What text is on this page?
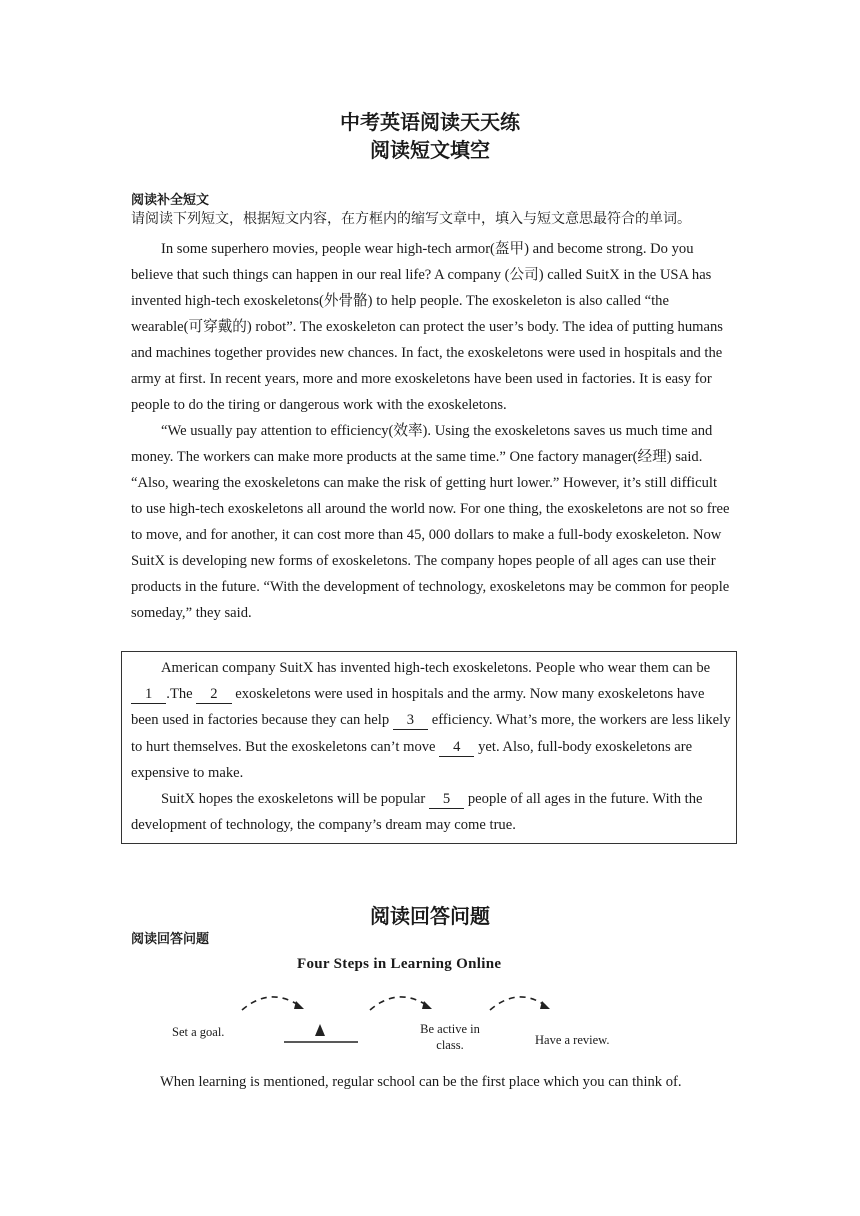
中考英语阅读天天练
阅读短文填空

阅读补全短文

请阅读下列短文，根据短文内容，在方框内的缩写文章中，填入与短文意思最符合的单词。

In some superhero movies, people wear high-tech armor(盔甲) and become strong. Do you believe that such things can happen in our real life? A company (公司) called SuitX in the USA has invented high-tech exoskeletons(外骨骼) to help people. The exoskeleton is also called “the wearable(可穿戴的) robot”. The exoskeleton can protect the user’s body. The idea of putting humans and machines together provides new chances. In fact, the exoskeletons were used in hospitals and the army at first. In recent years, more and more exoskeletons have been used in factories. It is easy for people to do the tiring or dangerous work with the exoskeletons.

“We usually pay attention to efficiency(效率). Using the exoskeletons saves us much time and money. The workers can make more products at the same time.” One factory manager(经理) said. “Also, wearing the exoskeletons can make the risk of getting hurt lower.” However, it’s still difficult to use high-tech exoskeletons all around the world now. For one thing, the exoskeletons are not so free to move, and for another, it can cost more than 45, 000 dollars to make a full-body exoskeleton. Now SuitX is developing new forms of exoskeletons. The company hopes people of all ages can use their products in the future. “With the development of technology, exoskeletons may be common for people someday,” they said.

American company SuitX has invented high-tech exoskeletons. People who wear them can be 1 .The 2 exoskeletons were used in hospitals and the army. Now many exoskeletons have been used in factories because they can help 3 efficiency. What’s more, the workers are less likely to hurt themselves. But the exoskeletons can’t move 4 yet. Also, full-body exoskeletons are expensive to make.

SuitX hopes the exoskeletons will be popular 5 people of all ages in the future. With the development of technology, the company’s dream may come true.

阅读回答问题

阅读回答问题

Four Steps in Learning Online

Set a goal.	Be active in class.	Have a review.

When learning is mentioned, regular school can be the first place which you can think of.
